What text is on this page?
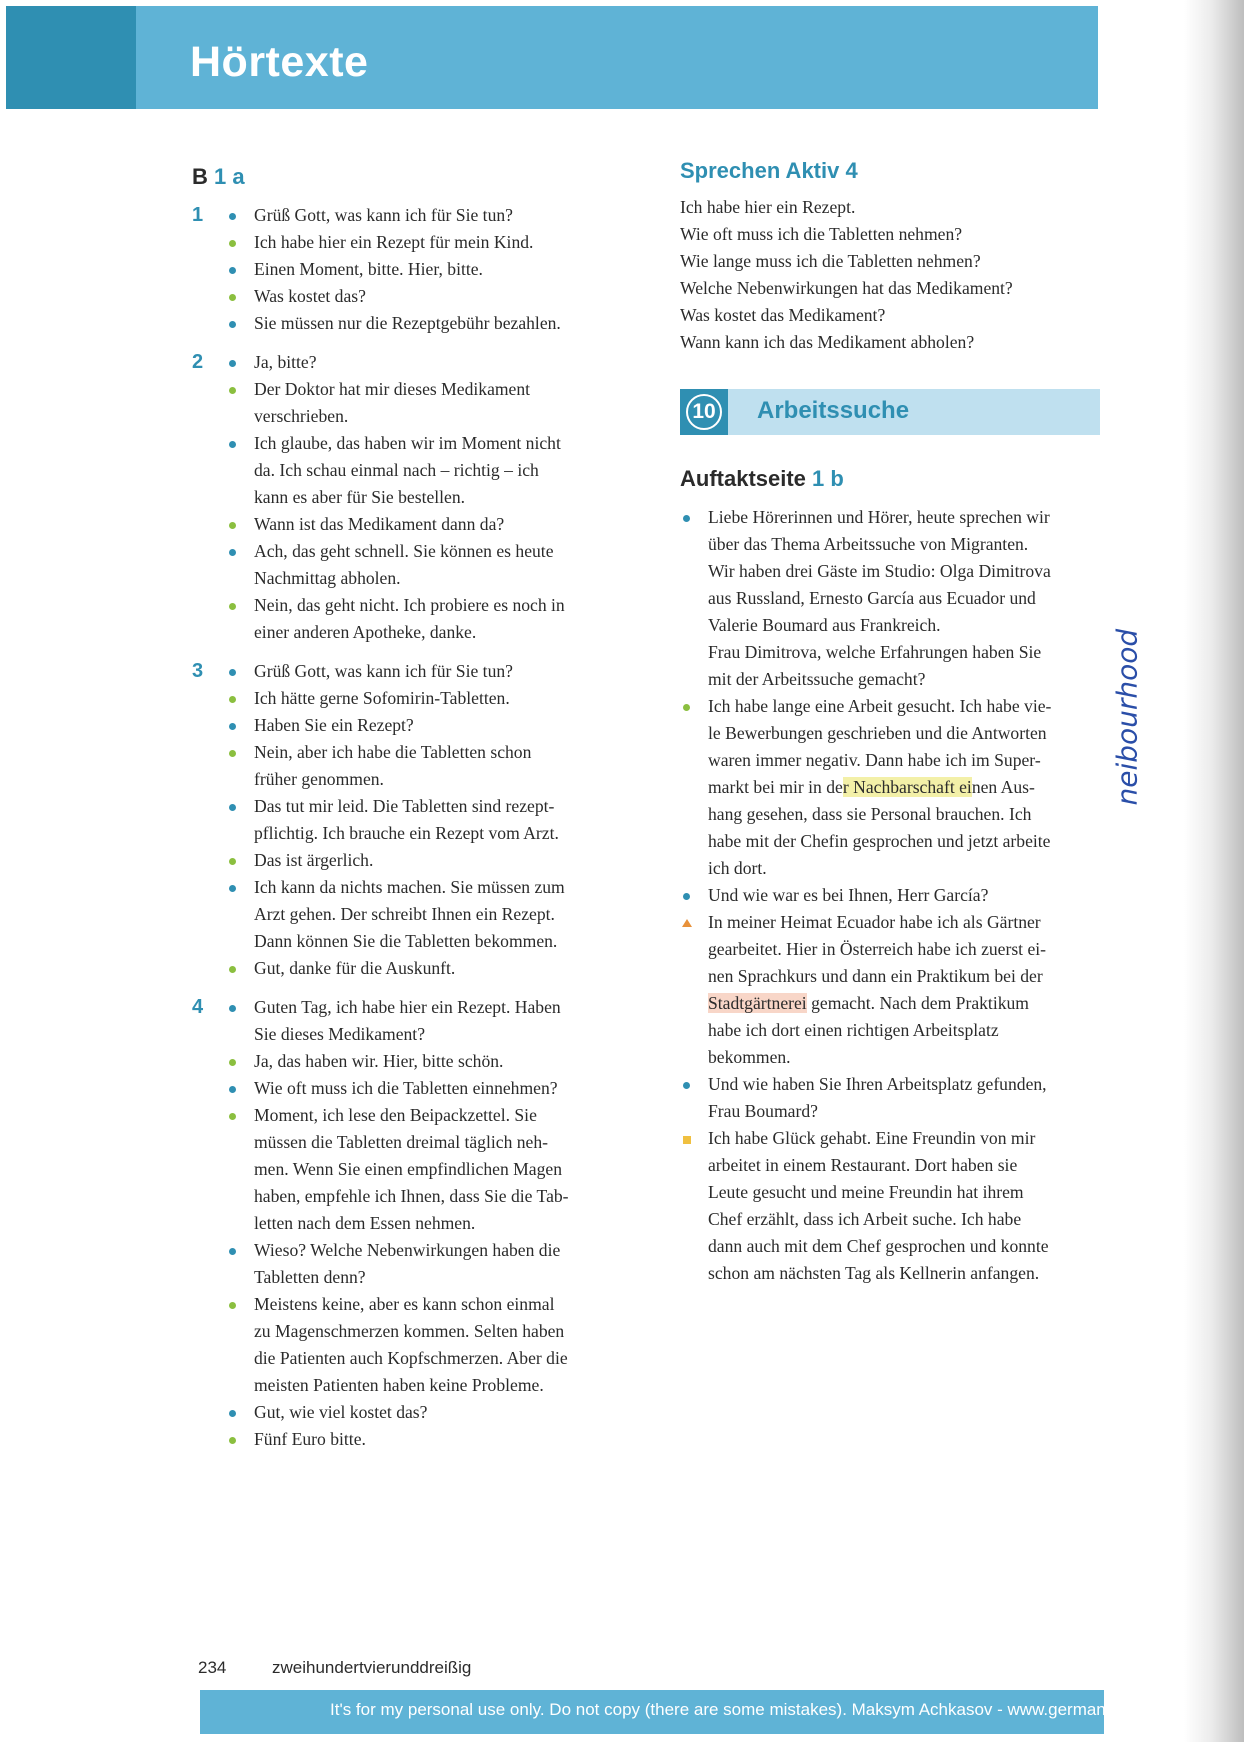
Hörtexte
B 1 a
1	Grüß Gott, was kann ich für Sie tun?
Ich habe hier ein Rezept für mein Kind.
Einen Moment, bitte. Hier, bitte.
Was kostet das?
Sie müssen nur die Rezeptgebühr bezahlen.
2	Ja, bitte?
Der Doktor hat mir dieses Medikament
verschrieben.
Ich glaube, das haben wir im Moment nicht
da. Ich schau einmal nach – richtig – ich
kann es aber für Sie bestellen.
Wann ist das Medikament dann da?
Ach, das geht schnell. Sie können es heute
Nachmittag abholen.
Nein, das geht nicht. Ich probiere es noch in
einer anderen Apotheke, danke.
3	Grüß Gott, was kann ich für Sie tun?
Ich hätte gerne Sofomirin-Tabletten.
Haben Sie ein Rezept?
Nein, aber ich habe die Tabletten schon
früher genommen.
Das tut mir leid. Die Tabletten sind rezept-
pflichtig. Ich brauche ein Rezept vom Arzt.
Das ist ärgerlich.
Ich kann da nichts machen. Sie müssen zum
Arzt gehen. Der schreibt Ihnen ein Rezept.
Dann können Sie die Tabletten bekommen.
Gut, danke für die Auskunft.
4	Guten Tag, ich habe hier ein Rezept. Haben
Sie dieses Medikament?
Ja, das haben wir. Hier, bitte schön.
Wie oft muss ich die Tabletten einnehmen?
Moment, ich lese den Beipackzettel. Sie
müssen die Tabletten dreimal täglich neh-
men. Wenn Sie einen empfindlichen Magen
haben, empfehle ich Ihnen, dass Sie die Tab-
letten nach dem Essen nehmen.
Wieso? Welche Nebenwirkungen haben die
Tabletten denn?
Meistens keine, aber es kann schon einmal
zu Magenschmerzen kommen. Selten haben
die Patienten auch Kopfschmerzen. Aber die
meisten Patienten haben keine Probleme.
Gut, wie viel kostet das?
Fünf Euro bitte.
Sprechen Aktiv 4
Ich habe hier ein Rezept.
Wie oft muss ich die Tabletten nehmen?
Wie lange muss ich die Tabletten nehmen?
Welche Nebenwirkungen hat das Medikament?
Was kostet das Medikament?
Wann kann ich das Medikament abholen?
10 Arbeitssuche
Auftaktseite 1 b
Liebe Hörerinnen und Hörer, heute sprechen wir
über das Thema Arbeitssuche von Migranten.
Wir haben drei Gäste im Studio: Olga Dimitrova
aus Russland, Ernesto García aus Ecuador und
Valerie Boumard aus Frankreich.
Frau Dimitrova, welche Erfahrungen haben Sie
mit der Arbeitssuche gemacht?
Ich habe lange eine Arbeit gesucht. Ich habe vie-
le Bewerbungen geschrieben und die Antworten
waren immer negativ. Dann habe ich im Super-
markt bei mir in der Nachbarschaft einen Aus-
hang gesehen, dass sie Personal brauchen. Ich
habe mit der Chefin gesprochen und jetzt arbeite
ich dort.
Und wie war es bei Ihnen, Herr García?
In meiner Heimat Ecuador habe ich als Gärtner
gearbeitet. Hier in Österreich habe ich zuerst ei-
nen Sprachkurs und dann ein Praktikum bei der
Stadtgärtnerei gemacht. Nach dem Praktikum
habe ich dort einen richtigen Arbeitsplatz
bekommen.
Und wie haben Sie Ihren Arbeitsplatz gefunden,
Frau Boumard?
Ich habe Glück gehabt. Eine Freundin von mir
arbeitet in einem Restaurant. Dort haben sie
Leute gesucht und meine Freundin hat ihrem
Chef erzählt, dass ich Arbeit suche. Ich habe
dann auch mit dem Chef gesprochen und konnte
schon am nächsten Tag als Kellnerin anfangen.
neibourhood
234	zweihundertvierunddreißig
It's for my personal use only. Do not copy (there are some mistakes). Maksym Achkasov - www.german4real.com
